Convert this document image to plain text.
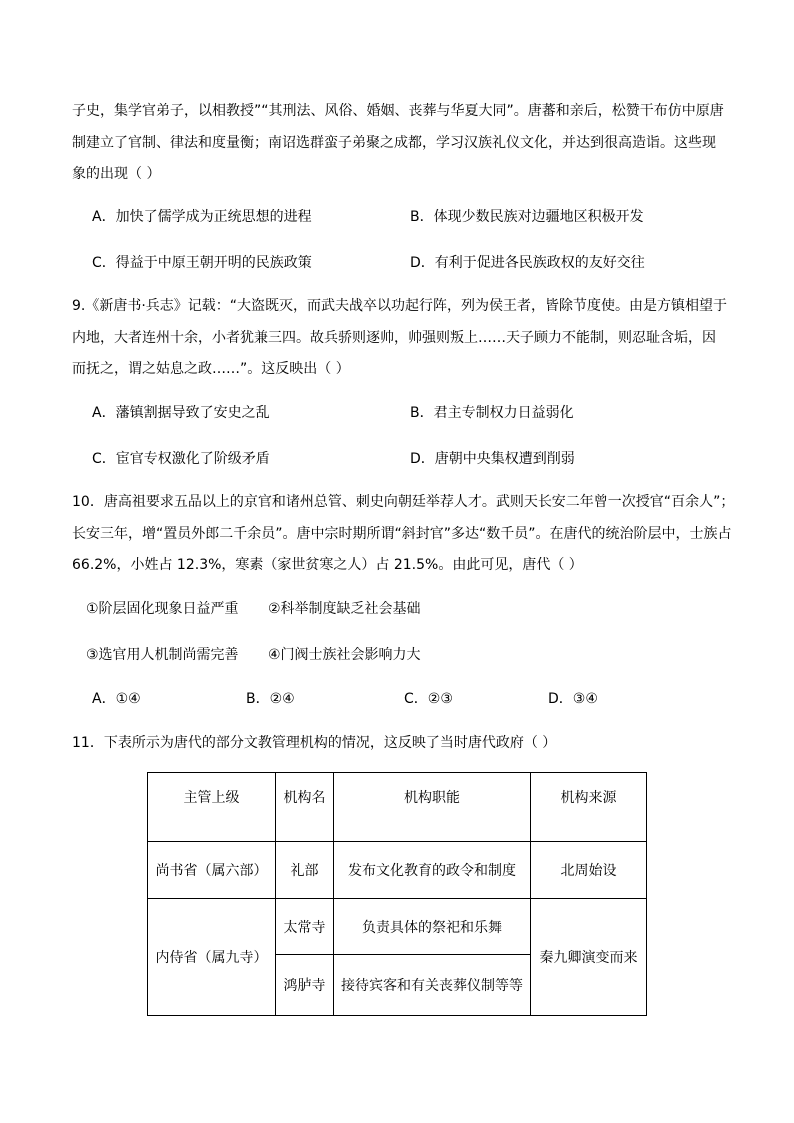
子史，集学官弟子，以相教授”“其刑法、风俗、婚姻、丧葬与华夏大同”。唐蕃和亲后，松赞干布仿中原唐
制建立了官制、律法和度量衡；南诏选群蛮子弟聚之成都，学习汉族礼仪文化，并达到很高造诣。这些现
象的出现（ ）
A．加快了儒学成为正统思想的进程	B．体现少数民族对边疆地区积极开发
C．得益于中原王朝开明的民族政策	D．有利于促进各民族政权的友好交往
9.《新唐书·兵志》记载：“大盗既灭，而武夫战卒以功起行阵，列为侯王者，皆除节度使。由是方镇相望于
内地，大者连州十余，小者犹兼三四。故兵骄则逐帅，帅强则叛上……天子顾力不能制，则忍耻含垢，因
而抚之，谓之姑息之政……”。这反映出（ ）
A．藩镇割据导致了安史之乱	B．君主专制权力日益弱化
C．宦官专权激化了阶级矛盾	D．唐朝中央集权遭到削弱
10．唐高祖要求五品以上的京官和诸州总管、刺史向朝廷举荐人才。武则天长安二年曾一次授官“百余人”；
长安三年，增“置员外郎二千余员”。唐中宗时期所谓“斜封官”多达“数千员”。在唐代的统治阶层中，士族占
66.2%，小姓占 12.3%，寒素（家世贫寒之人）占 21.5%。由此可见，唐代（ ）
①阶层固化现象日益严重 ②科举制度缺乏社会基础
③选官用人机制尚需完善 ④门阀士族社会影响力大
A．①④	B．②④	C．②③	D．③④
11．下表所示为唐代的部分文教管理机构的情况，这反映了当时唐代政府（ ）
主管上级	机构名	机构职能	机构来源
尚书省（属六部）	礼部	发布文化教育的政令和制度	北周始设
内侍省（属九寺）	太常寺	负责具体的祭祀和乐舞	秦九卿演变而来
	鸿胪寺	接待宾客和有关丧葬仪制等等	
